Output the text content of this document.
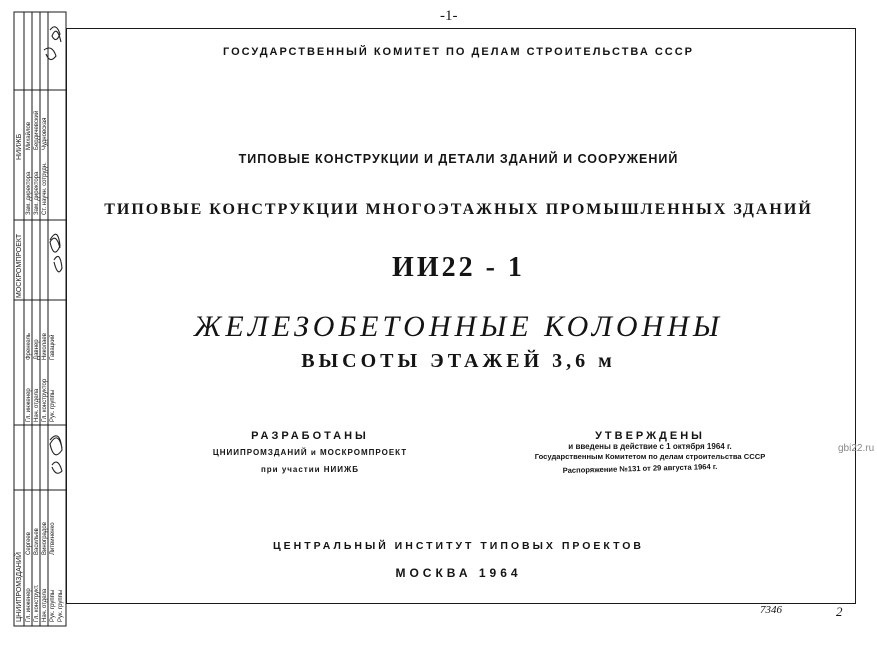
-1-
МОСКРОМПРОЕКТ
ЦНИИПРОМЗДАНИЙ
НИИЖБ
Зам. директора Зам. директора Ст. научн. сотрудн.
Михайлов Бердичевский Чудновская
Гл. инженер Нач. отдела Гл. конструктор Рук. группы
Френкель Давнер Николаев Гавацкий
Гл. инженер Гл. конструкт. Нач. отдела Рук. группы Рук. группы
Сергеев Васильев Виноградов Литвиненко
ГОСУДАРСТВЕННЫЙ КОМИТЕТ ПО ДЕЛАМ СТРОИТЕЛЬСТВА СССР
ТИПОВЫЕ КОНСТРУКЦИИ И ДЕТАЛИ ЗДАНИЙ И СООРУЖЕНИЙ
ТИПОВЫЕ КОНСТРУКЦИИ МНОГОЭТАЖНЫХ ПРОМЫШЛЕННЫХ ЗДАНИЙ
ИИ22 - 1
ЖЕЛЕЗОБЕТОННЫЕ КОЛОННЫ
ВЫСОТЫ ЭТАЖЕЙ 3,6 м
РАЗРАБОТАНЫ
ЦНИИПРОМЗДАНИЙ и МОСКРОМПРОЕКТ
при участии НИИЖБ
УТВЕРЖДЕНЫ
и введены в действие с 1 октября 1964 г.
Государственным Комитетом по делам строительства СССР
Распоряжение №131 от 29 августа 1964 г.
ЦЕНТРАЛЬНЫЙ ИНСТИТУТ ТИПОВЫХ ПРОЕКТОВ
МОСКВА 1964
gbi22.ru
7346	2
